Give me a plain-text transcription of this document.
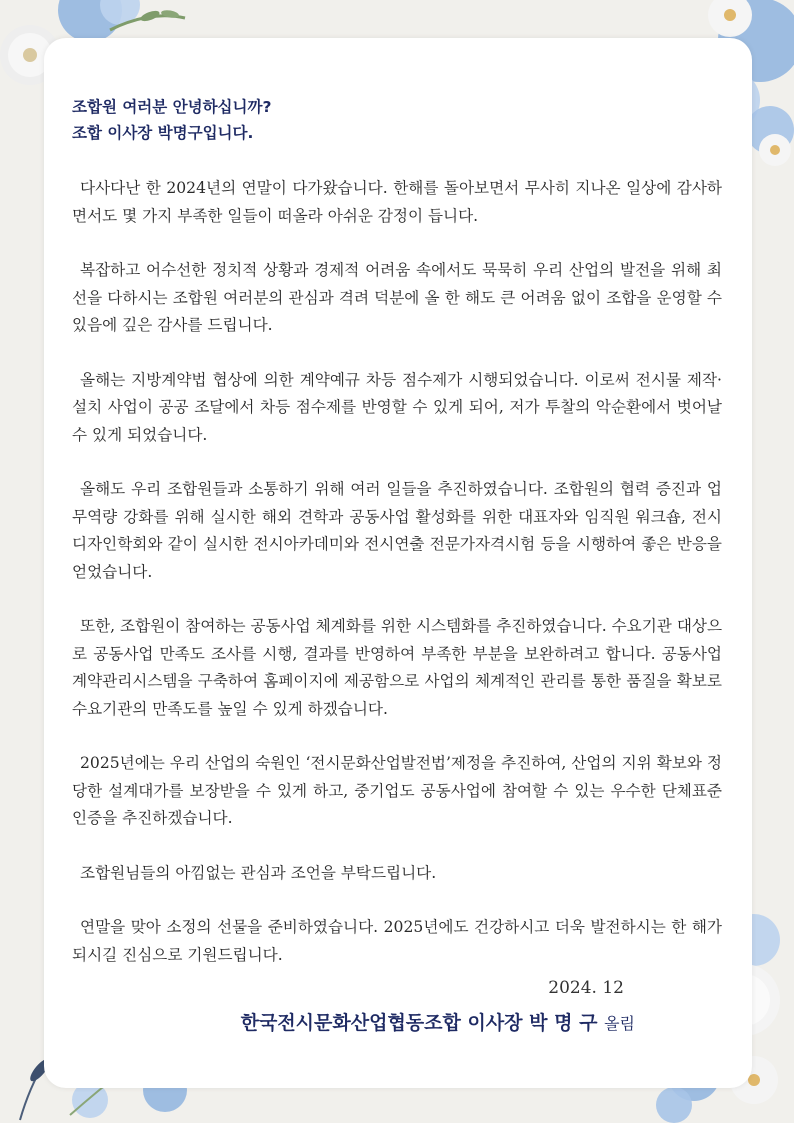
조합원 여러분 안녕하십니까?
조합 이사장 박명구입니다.

다사다난 한 2024년의 연말이 다가왔습니다. 한해를 돌아보면서 무사히 지나온 일상에 감사하면서도 몇 가지 부족한 일들이 떠올라 아쉬운 감정이 듭니다.

복잡하고 어수선한 정치적 상황과 경제적 어려움 속에서도 묵묵히 우리 산업의 발전을 위해 최선을 다하시는 조합원 여러분의 관심과 격려 덕분에 올 한 해도 큰 어려움 없이 조합을 운영할 수 있음에 깊은 감사를 드립니다.

올해는 지방계약법 협상에 의한 계약예규 차등 점수제가 시행되었습니다. 이로써 전시물 제작·설치 사업이 공공 조달에서 차등 점수제를 반영할 수 있게 되어, 저가 투찰의 악순환에서 벗어날 수 있게 되었습니다.

올해도 우리 조합원들과 소통하기 위해 여러 일들을 추진하였습니다. 조합원의 협력 증진과 업무역량 강화를 위해 실시한 해외 견학과 공동사업 활성화를 위한 대표자와 임직원 워크숍, 전시디자인학회와 같이 실시한 전시아카데미와 전시연출 전문가자격시험 등을 시행하여 좋은 반응을 얻었습니다.

또한, 조합원이 참여하는 공동사업 체계화를 위한 시스템화를 추진하였습니다. 수요기관 대상으로 공동사업 만족도 조사를 시행, 결과를 반영하여 부족한 부분을 보완하려고 합니다. 공동사업 계약관리시스템을 구축하여 홈페이지에 제공함으로 사업의 체계적인 관리를 통한 품질을 확보로 수요기관의 만족도를 높일 수 있게 하겠습니다.

2025년에는 우리 산업의 숙원인 ‘전시문화산업발전법’제정을 추진하여, 산업의 지위 확보와 정당한 설계대가를 보장받을 수 있게 하고, 중기업도 공동사업에 참여할 수 있는 우수한 단체표준인증을 추진하겠습니다.

조합원님들의 아낌없는 관심과 조언을 부탁드립니다.

연말을 맞아 소정의 선물을 준비하였습니다. 2025년에도 건강하시고 더욱 발전하시는 한 해가 되시길 진심으로 기원드립니다.

2024. 12
한국전시문화산업협동조합 이사장 박 명 구 올림
